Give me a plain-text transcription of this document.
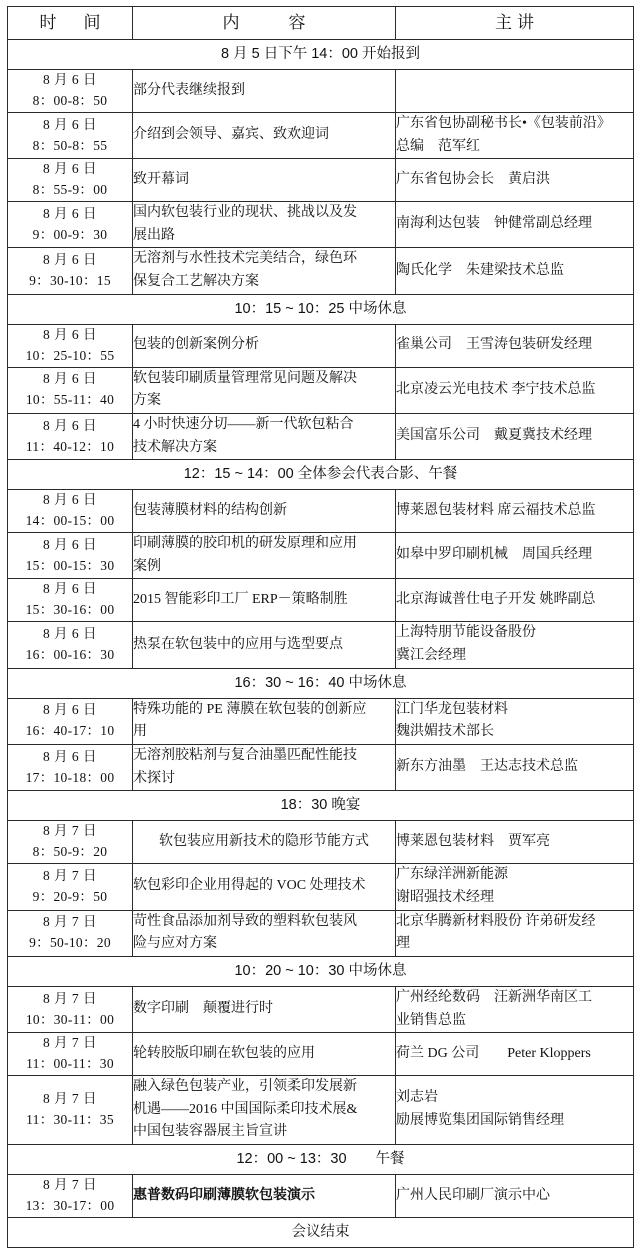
时　间	内　　容	主讲
8 月 5 日下午 14：00 开始报到		

8 月 6 日
8：00-8：50	部分代表继续报到	

8 月 6 日
8：50-8：55	介绍到会领导、嘉宾、致欢迎词	广东省包协副秘书长•《包装前沿》
总编　范军红

8 月 6 日
8：55-9：00	致开幕词	广东省包协会长　黄启洪

8 月 6 日
9：00-9：30	国内软包装行业的现状、挑战以及发
展出路	南海利达包装　钟健常副总经理

8 月 6 日
9：30-10：15	无溶剂与水性技术完美结合，绿色环
保复合工艺解决方案	陶氏化学　朱建梁技术总监

10：15 ~ 10：25 中场休息		

8 月 6 日
10：25-10：55	包装的创新案例分析	雀巢公司　王雪涛包装研发经理

8 月 6 日
10：55-11：40	软包装印刷质量管理常见问题及解决
方案	北京凌云光电技术 李宁技术总监

8 月 6 日
11：40-12：10	4 小时快速分切——新一代软包粘合
技术解决方案	美国富乐公司　戴夏冀技术经理

12：15 ~ 14：00 全体参会代表合影、午餐		

8 月 6 日
14：00-15：00	包装薄膜材料的结构创新	博莱恩包装材料 席云福技术总监

8 月 6 日
15：00-15：30	印刷薄膜的胶印机的研发原理和应用
案例	如皋中罗印刷机械　周国兵经理

8 月 6 日
15：30-16：00	2015 智能彩印工厂 ERP－策略制胜	北京海诚普仕电子开发 姚晔副总

8 月 6 日
16：00-16：30	热泵在软包装中的应用与选型要点	上海特朋节能设备股份
冀江会经理

16：30 ~ 16：40 中场休息		

8 月 6 日
16：40-17：10	特殊功能的 PE 薄膜在软包装的创新应
用	江门华龙包装材料
魏洪媚技术部长

8 月 6 日
17：10-18：00	无溶剂胶粘剂与复合油墨匹配性能技
术探讨	新东方油墨　王达志技术总监

18：30 晚宴		

8 月 7 日
8：50-9：20	软包装应用新技术的隐形节能方式	博莱恩包装材料　贾军亮

8 月 7 日
9：20-9：50	软包彩印企业用得起的 VOC 处理技术	广东绿洋洲新能源
谢昭强技术经理

8 月 7 日
9：50-10：20	苛性食品添加剂导致的塑料软包装风
险与应对方案	北京华腾新材料股份 许弟研发经
理

10：20 ~ 10：30 中场休息		

8 月 7 日
10：30-11：00	数字印刷　颠覆进行时	广州经纶数码　汪新洲华南区工
业销售总监

8 月 7 日
11：00-11：30	轮转胶版印刷在软包装的应用	荷兰 DG 公司　　Peter Kloppers

8 月 7 日
11：30-11：35	融入绿色包装产业，引领柔印发展新
机遇——2016 中国国际柔印技术展&
中国包装容器展主旨宣讲	刘志岩
励展博览集团国际销售经理

12：00 ~ 13：30　　午餐		

8 月 7 日
13：30-17：00	惠普数码印刷薄膜软包装演示	广州人民印刷厂演示中心

会议结束		
